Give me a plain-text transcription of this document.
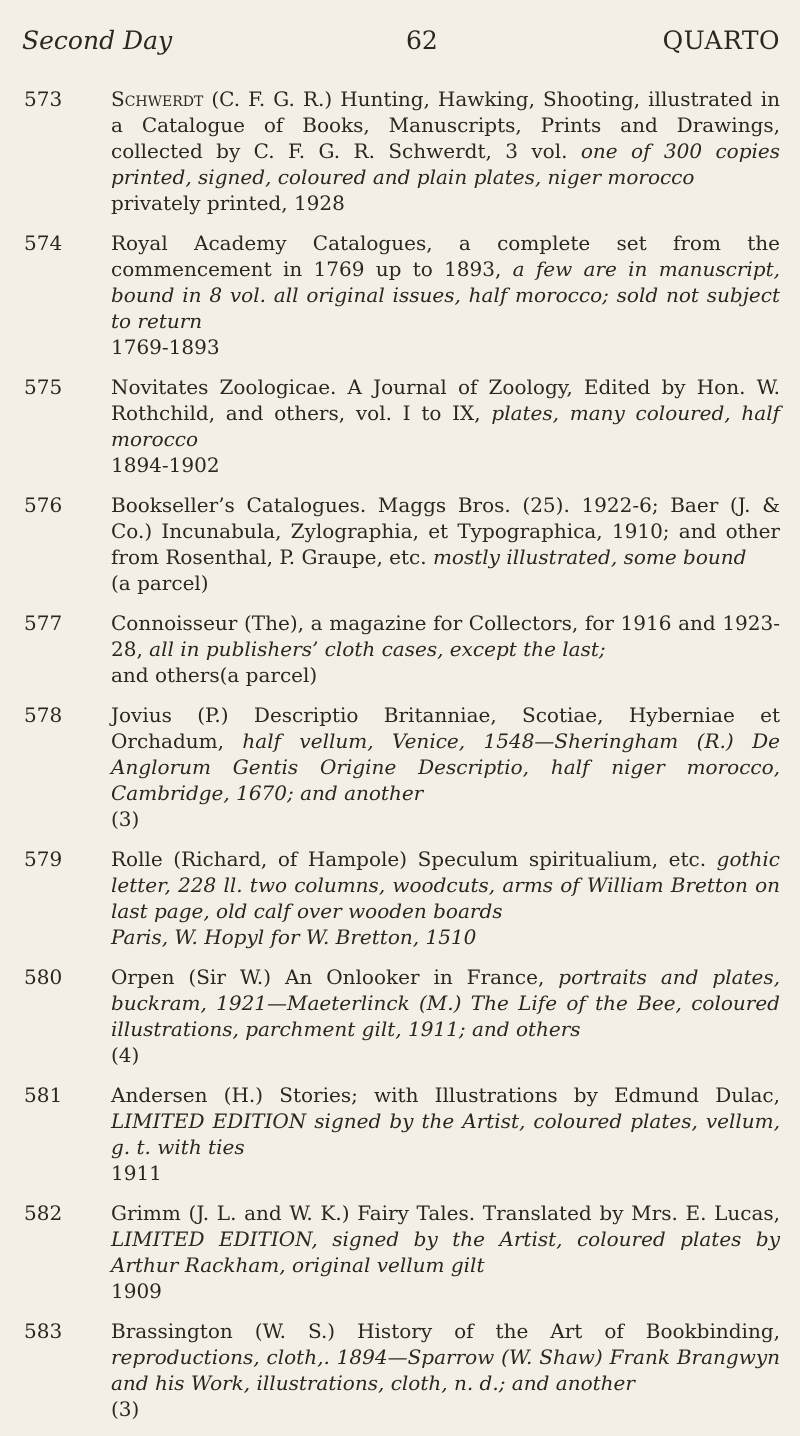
Second Day	62	QUARTO
573	Schwerdt (C. F. G. R.) Hunting, Hawking, Shooting, illustrated in a Catalogue of Books, Manuscripts, Prints and Drawings, collected by C. F. G. R. Schwerdt, 3 vol. one of 300 copies printed, signed, coloured and plain plates, niger morocco
privately printed, 1928
574	Royal Academy Catalogues, a complete set from the commencement in 1769 up to 1893, a few are in manuscript, bound in 8 vol. all original issues, half morocco; sold not subject to return
1769-1893
575	Novitates Zoologicae. A Journal of Zoology, Edited by Hon. W. Rothchild, and others, vol. I to IX, plates, many coloured, half morocco
1894-1902
576	Bookseller’s Catalogues. Maggs Bros. (25). 1922-6; Baer (J. & Co.) Incunabula, Zylographia, et Typographica, 1910; and other from Rosenthal, P. Graupe, etc. mostly illustrated, some bound
(a parcel)
577	Connoisseur (The), a magazine for Collectors, for 1916 and 1923-28, all in publishers’ cloth cases, except the last;
and others (a parcel)
578	Jovius (P.) Descriptio Britanniae, Scotiae, Hyberniae et Orchadum, half vellum, Venice, 1548—Sheringham (R.) De Anglorum Gentis Origine Descriptio, half niger morocco, Cambridge, 1670; and another
(3)
579	Rolle (Richard, of Hampole) Speculum spiritualium, etc. gothic letter, 228 ll. two columns, woodcuts, arms of William Bretton on last page, old calf over wooden boards
Paris, W. Hopyl for W. Bretton, 1510
580	Orpen (Sir W.) An Onlooker in France, portraits and plates, buckram, 1921—Maeterlinck (M.) The Life of the Bee, coloured illustrations, parchment gilt, 1911; and others
(4)
581	Andersen (H.) Stories; with Illustrations by Edmund Dulac, LIMITED EDITION signed by the Artist, coloured plates, vellum, g. t. with ties
1911
582	Grimm (J. L. and W. K.) Fairy Tales. Translated by Mrs. E. Lucas, LIMITED EDITION, signed by the Artist, coloured plates by Arthur Rackham, original vellum gilt
1909
583	Brassington (W. S.) History of the Art of Bookbinding, reproductions, cloth,. 1894—Sparrow (W. Shaw) Frank Brangwyn and his Work, illustrations, cloth, n. d.; and another
(3)
